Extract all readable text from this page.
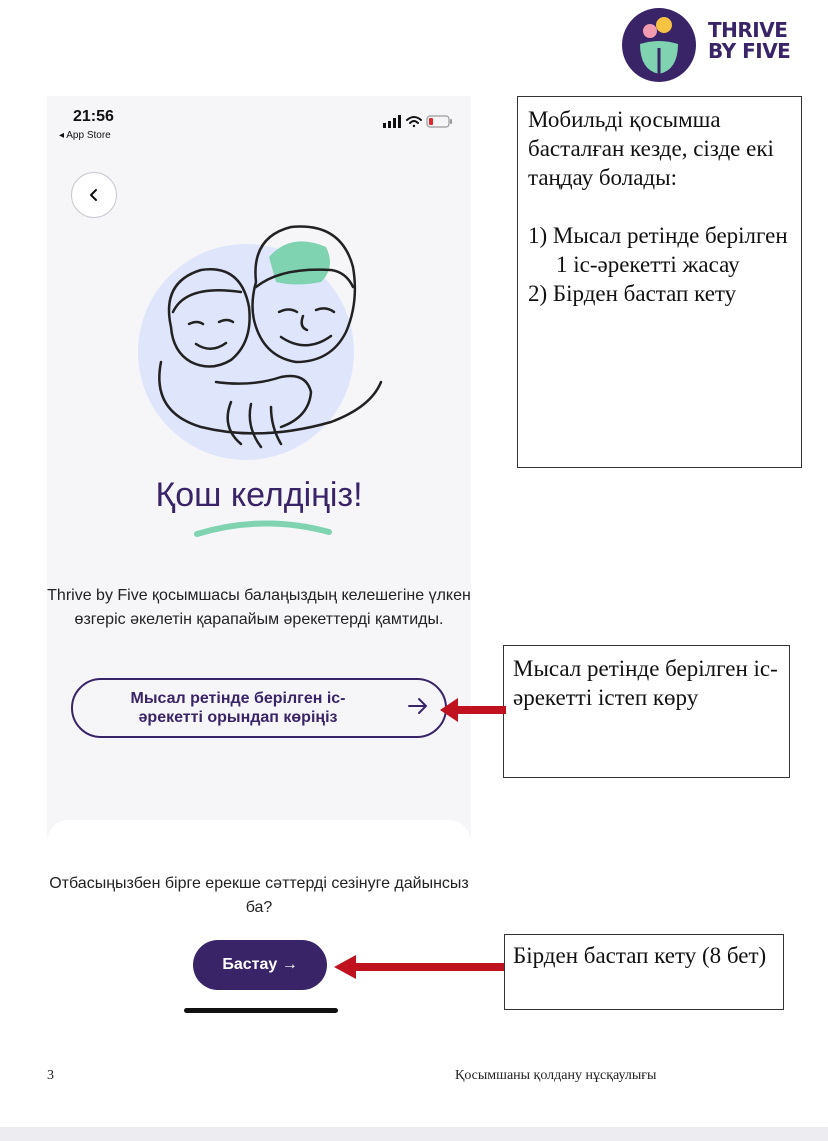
THRIVE
BY FIVE
21:56
◂ App Store
Қош келдіңіз!
Thrive by Five қосымшасы балаңыздың келешегіне үлкен өзгеріс әкелетін қарапайым әрекеттерді қамтиды.
Мысал ретінде берілген іс-әрекетті орындап көріңіз
Отбасыңызбен бірге ерекше сәттерді сезінуге дайынсыз ба?
Бастау →

Мобильді қосымша басталған кезде, сізде екі таңдау болады:

1) Мысал ретінде берілген 1 іс-әрекетті жасау
2) Бірден бастап кету
Мысал ретінде берілген іс-әрекетті істеп көру
Бірден бастап кету (8 бет)
3	Қосымшаны қолдану нұсқаулығы
